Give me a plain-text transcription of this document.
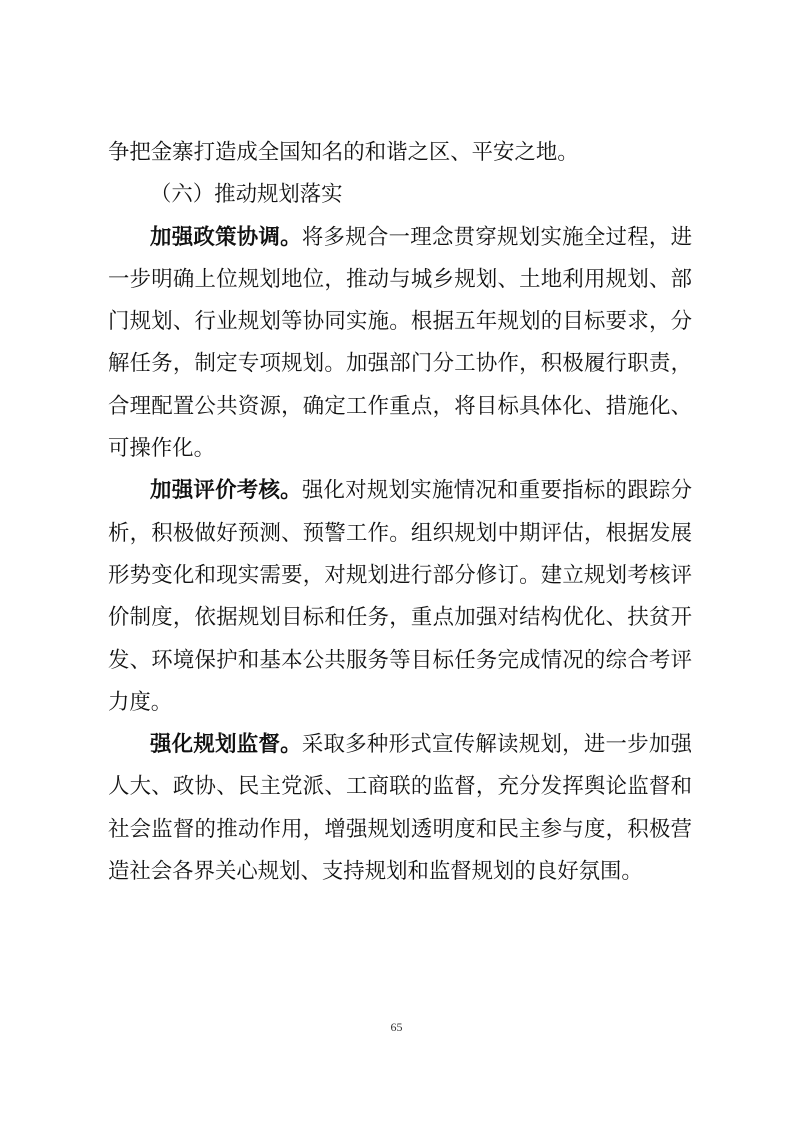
争把金寨打造成全国知名的和谐之区、平安之地。
（六）推动规划落实
加强政策协调。将多规合一理念贯穿规划实施全过程，进
一步明确上位规划地位，推动与城乡规划、土地利用规划、部
门规划、行业规划等协同实施。根据五年规划的目标要求，分
解任务，制定专项规划。加强部门分工协作，积极履行职责，
合理配置公共资源，确定工作重点，将目标具体化、措施化、
可操作化。
加强评价考核。强化对规划实施情况和重要指标的跟踪分
析，积极做好预测、预警工作。组织规划中期评估，根据发展
形势变化和现实需要，对规划进行部分修订。建立规划考核评
价制度，依据规划目标和任务，重点加强对结构优化、扶贫开
发、环境保护和基本公共服务等目标任务完成情况的综合考评
力度。
强化规划监督。采取多种形式宣传解读规划，进一步加强
人大、政协、民主党派、工商联的监督，充分发挥舆论监督和
社会监督的推动作用，增强规划透明度和民主参与度，积极营
造社会各界关心规划、支持规划和监督规划的良好氛围。
65
